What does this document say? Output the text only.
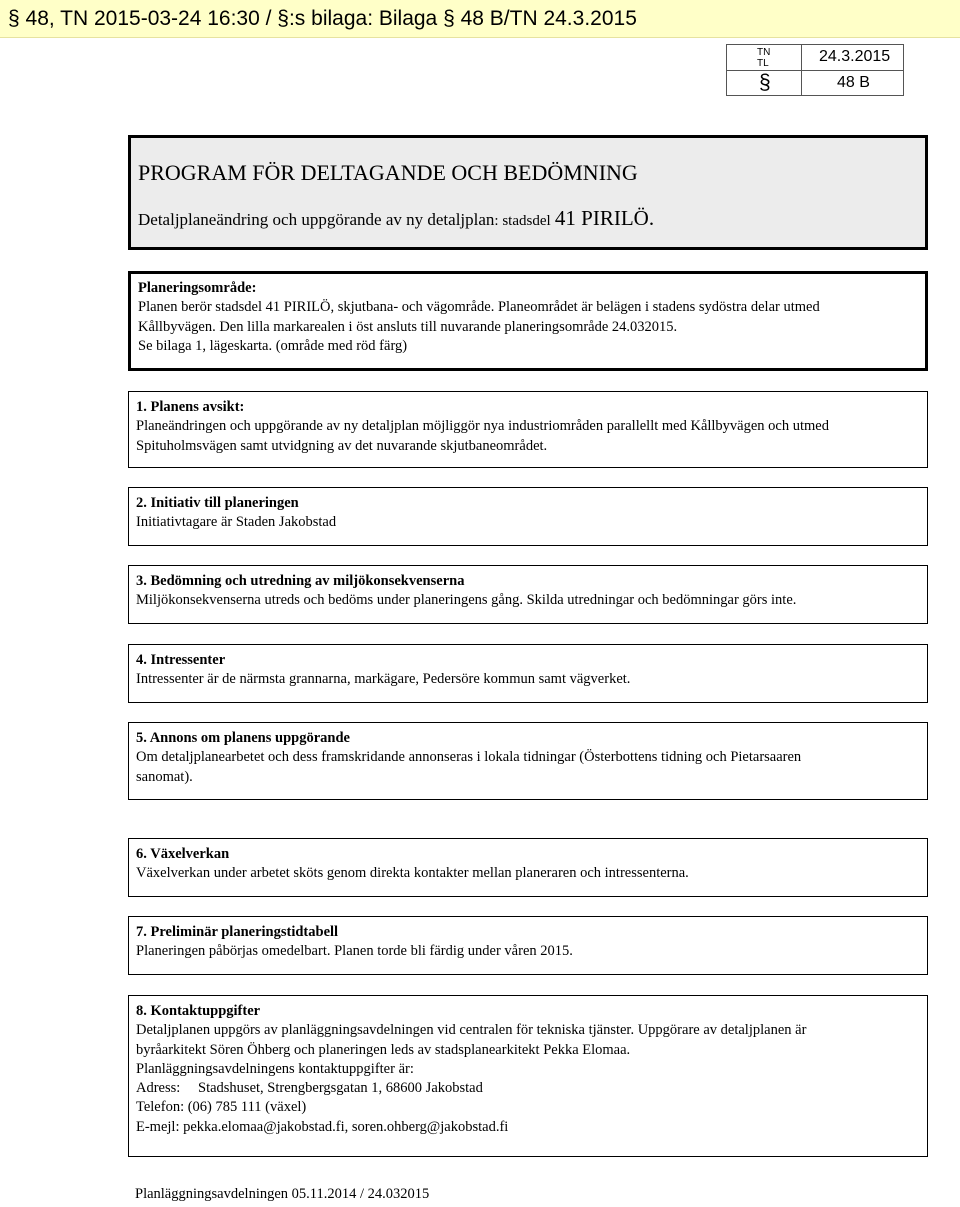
§ 48, TN 2015-03-24 16:30 / §:s bilaga: Bilaga § 48 B/TN 24.3.2015
TN
TL	24.3.2015
§	48 B
PROGRAM FÖR DELTAGANDE OCH BEDÖMNING
Detaljplaneändring och uppgörande av ny detaljplan: stadsdel 41 PIRILÖ.
Planeringsområde:
Planen berör stadsdel 41 PIRILÖ, skjutbana- och vägområde. Planeområdet är belägen i stadens sydöstra delar utmed
Kållbyvägen. Den lilla markarealen i öst ansluts till nuvarande planeringsområde 24.032015.
Se bilaga 1, lägeskarta. (område med röd färg)
1. Planens avsikt:
Planeändringen och uppgörande av ny detaljplan möjliggör nya industriområden parallellt med Kållbyvägen och utmed
Spituholmsvägen samt utvidgning av det nuvarande skjutbaneområdet.
2. Initiativ till planeringen
Initiativtagare är Staden Jakobstad
3. Bedömning och utredning av miljökonsekvenserna
Miljökonsekvenserna utreds och bedöms under planeringens gång. Skilda utredningar och bedömningar görs inte.
4. Intressenter
Intressenter är de närmsta grannarna, markägare, Pedersöre kommun samt vägverket.
5. Annons om planens uppgörande
Om detaljplanearbetet och dess framskridande annonseras i lokala tidningar (Österbottens tidning och Pietarsaaren
sanomat).
6. Växelverkan
Växelverkan under arbetet sköts genom direkta kontakter mellan planeraren och intressenterna.
7. Preliminär planeringstidtabell
Planeringen påbörjas omedelbart. Planen torde bli färdig under våren 2015.
8. Kontaktuppgifter
Detaljplanen uppgörs av planläggningsavdelningen vid centralen för tekniska tjänster. Uppgörare av detaljplanen är
byråarkitekt Sören Öhberg och planeringen leds av stadsplanearkitekt Pekka Elomaa.
Planläggningsavdelningens kontaktuppgifter är:
Adress: Stadshuset, Strengbergsgatan 1, 68600 Jakobstad
Telefon: (06) 785 111 (växel)
E-mejl: pekka.elomaa@jakobstad.fi, soren.ohberg@jakobstad.fi
Planläggningsavdelningen 05.11.2014 / 24.032015
